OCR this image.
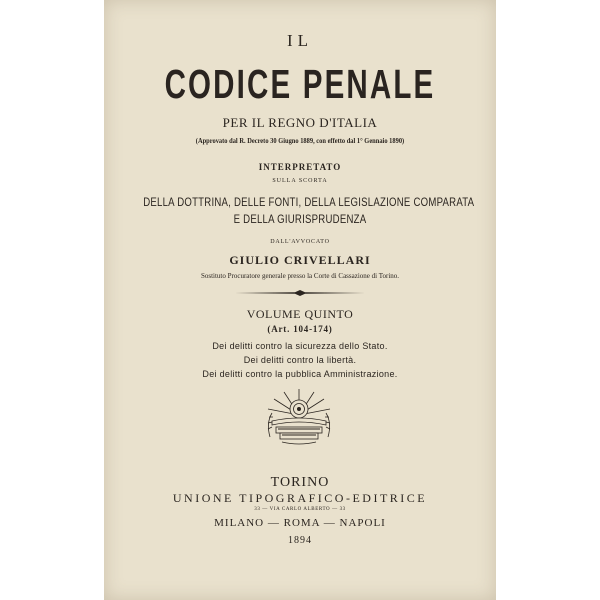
IL
CODICE PENALE
PER IL REGNO D'ITALIA
(Approvato dal R. Decreto 30 Giugno 1889, con effetto dal 1° Gennaio 1890)
INTERPRETATO
SULLA SCORTA
DELLA DOTTRINA, DELLE FONTI, DELLA LEGISLAZIONE COMPARATA
E DELLA GIURISPRUDENZA
DALL'AVVOCATO
GIULIO CRIVELLARI
Sostituto Procuratore generale presso la Corte di Cassazione di Torino.
VOLUME QUINTO
(Art. 104-174)
Dei delitti contro la sicurezza dello Stato.
Dei delitti contro la libertà.
Dei delitti contro la pubblica Amministrazione.
TORINO
UNIONE TIPOGRAFICO-EDITRICE
33 — VIA CARLO ALBERTO — 33
MILANO — ROMA — NAPOLI
1894
